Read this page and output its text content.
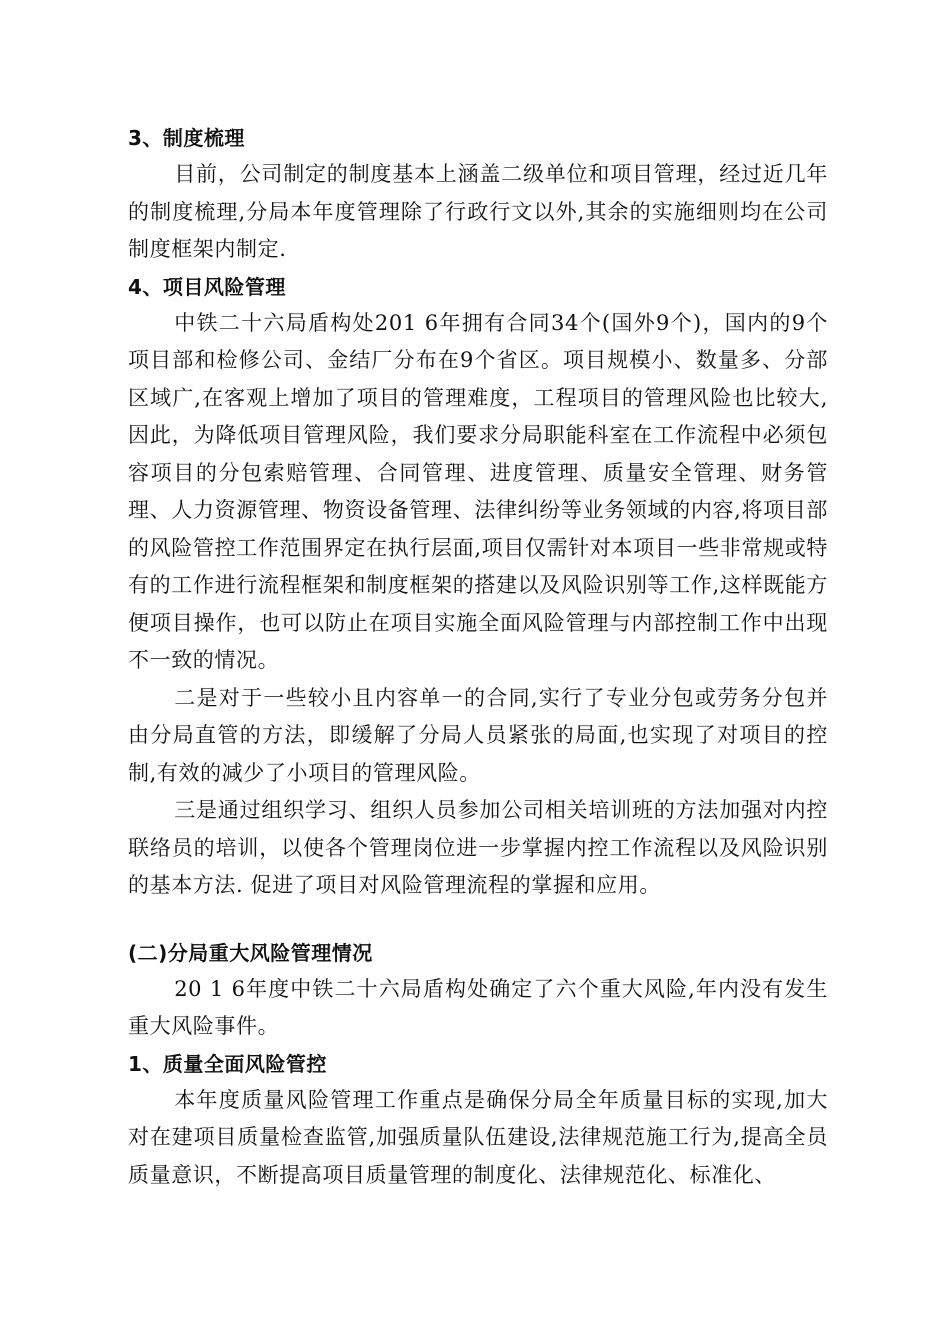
3、制度梳理

目前，公司制定的制度基本上涵盖二级单位和项目管理，经过近几年的制度梳理,分局本年度管理除了行政行文以外,其余的实施细则均在公司制度框架内制定.

4、项目风险管理

中铁二十六局盾构处201 6年拥有合同34个(国外9个)，国内的9个项目部和检修公司、金结厂分布在9个省区。项目规模小、数量多、分部区域广,在客观上增加了项目的管理难度，工程项目的管理风险也比较大,因此，为降低项目管理风险，我们要求分局职能科室在工作流程中必须包容项目的分包索赔管理、合同管理、进度管理、质量安全管理、财务管理、人力资源管理、物资设备管理、法律纠纷等业务领域的内容,将项目部的风险管控工作范围界定在执行层面,项目仅需针对本项目一些非常规或特有的工作进行流程框架和制度框架的搭建以及风险识别等工作,这样既能方便项目操作，也可以防止在项目实施全面风险管理与内部控制工作中出现不一致的情况。

二是对于一些较小且内容单一的合同,实行了专业分包或劳务分包并由分局直管的方法，即缓解了分局人员紧张的局面,也实现了对项目的控制,有效的减少了小项目的管理风险。

三是通过组织学习、组织人员参加公司相关培训班的方法加强对内控联络员的培训，以使各个管理岗位进一步掌握内控工作流程以及风险识别的基本方法. 促进了项目对风险管理流程的掌握和应用。

(二)分局重大风险管理情况

20 1 6年度中铁二十六局盾构处确定了六个重大风险,年内没有发生重大风险事件。

1、质量全面风险管控

本年度质量风险管理工作重点是确保分局全年质量目标的实现,加大对在建项目质量检查监管,加强质量队伍建设,法律规范施工行为,提高全员质量意识，不断提高项目质量管理的制度化、法律规范化、标准化、
